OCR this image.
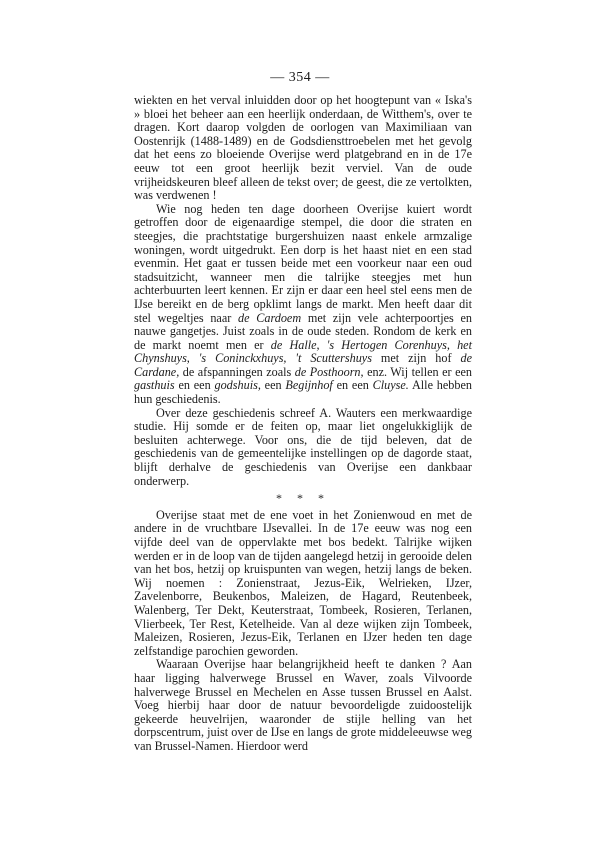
— 354 —

wiekten en het verval inluidden door op het hoogtepunt van « Iska's » bloei het beheer aan een heerlijk onderdaan, de Witthem's, over te dragen. Kort daarop volgden de oorlogen van Maximiliaan van Oostenrijk (1488-1489) en de Godsdiensttroebelen met het gevolg dat het eens zo bloeiende Overijse werd platgebrand en in de 17e eeuw tot een groot heerlijk bezit verviel. Van de oude vrijheidskeuren bleef alleen de tekst over; de geest, die ze vertolkten, was verdwenen !

Wie nog heden ten dage doorheen Overijse kuiert wordt getroffen door de eigenaardige stempel, die door die straten en steegjes, die prachtstatige burgershuizen naast enkele armzalige woningen, wordt uitgedrukt. Een dorp is het haast niet en een stad evenmin. Het gaat er tussen beide met een voorkeur naar een oud stadsuitzicht, wanneer men die talrijke steegjes met hun achterbuurten leert kennen. Er zijn er daar een heel stel eens men de IJse bereikt en de berg opklimt langs de markt. Men heeft daar dit stel wegeltjes naar de Cardoem met zijn vele achterpoortjes en nauwe gangetjes. Juist zoals in de oude steden. Rondom de kerk en de markt noemt men er de Halle, 's Hertogen Corenhuys, het Chynshuys, 's Coninckxhuys, 't Scuttershuys met zijn hof de Cardane, de afspanningen zoals de Posthoorn, enz. Wij tellen er een gasthuis en een godshuis, een Begijnhof en een Cluyse. Alle hebben hun geschiedenis.

Over deze geschiedenis schreef A. Wauters een merkwaardige studie. Hij somde er de feiten op, maar liet ongelukkiglijk de besluiten achterwege. Voor ons, die de tijd beleven, dat de geschiedenis van de gemeentelijke instellingen op de dagorde staat, blijft derhalve de geschiedenis van Overijse een dankbaar onderwerp.

* * *

Overijse staat met de ene voet in het Zonienwoud en met de andere in de vruchtbare IJsevallei. In de 17e eeuw was nog een vijfde deel van de oppervlakte met bos bedekt. Talrijke wijken werden er in de loop van de tijden aangelegd hetzij in gerooide delen van het bos, hetzij op kruispunten van wegen, hetzij langs de beken. Wij noemen : Zonienstraat, Jezus-Eik, Welrieken, IJzer, Zavelenborre, Beukenbos, Maleizen, de Hagard, Reutenbeek, Walenberg, Ter Dekt, Keuterstraat, Tombeek, Rosieren, Terlanen, Vlierbeek, Ter Rest, Ketelheide. Van al deze wijken zijn Tombeek, Maleizen, Rosieren, Jezus-Eik, Terlanen en IJzer heden ten dage zelfstandige parochien geworden.

Waaraan Overijse haar belangrijkheid heeft te danken ? Aan haar ligging halverwege Brussel en Waver, zoals Vilvoorde halverwege Brussel en Mechelen en Asse tussen Brussel en Aalst. Voeg hierbij haar door de natuur bevoordeligde zuidoostelijk gekeerde heuvelrijen, waaronder de stijle helling van het dorpscentrum, juist over de IJse en langs de grote middeleeuwse weg van Brussel-Namen. Hierdoor werd
